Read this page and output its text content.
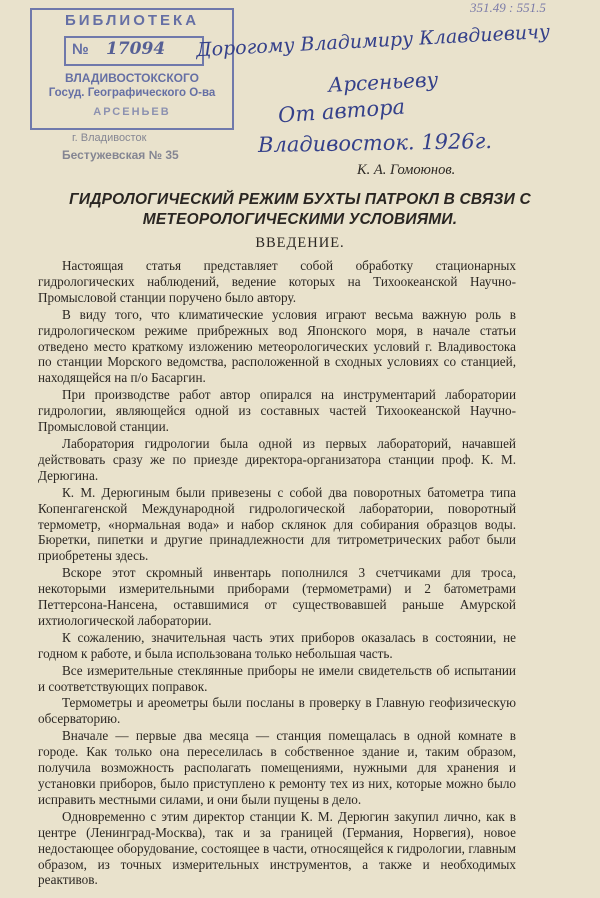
351.49 : 551.5
БИБЛИОТЕКА
№ 17094
ВЛАДИВОСТОКСКОГО
Госуд. Географического О-ва
АРСЕНЬЕВ
г. Владивосток
Бестужевская № 35
Дорогому Владимиру Клавдиевичу
Арсеньеву
От автора
Владивосток. 1926г.
К. А. Гомоюнов.
ГИДРОЛОГИЧЕСКИЙ РЕЖИМ БУХТЫ ПАТРОКЛ В СВЯЗИ С МЕТЕОРОЛОГИЧЕСКИМИ УСЛОВИЯМИ.
ВВЕДЕНИЕ.

Настоящая статья представляет собой обработку стационарных гидрологических наблюдений, ведение которых на Тихоокеанской Научно-Промысловой станции поручено было автору.

В виду того, что климатические условия играют весьма важную роль в гидрологическом режиме прибрежных вод Японского моря, в начале статьи отведено место краткому изложению метеорологических условий г. Владивостока по станции Морского ведомства, расположенной в сходных условиях со станцией, находящейся на п/о Басаргин.

При производстве работ автор опирался на инструментарий лаборатории гидрологии, являющейся одной из составных частей Тихоокеанской Научно-Промысловой станции.

Лаборатория гидрологии была одной из первых лабораторий, начавшей действовать сразу же по приезде директора-организатора станции проф. К. М. Дерюгина.

К. М. Дерюгиным были привезены с собой два поворотных батометра типа Копенгагенской Международной гидрологической лаборатории, поворотный термометр, «нормальная вода» и набор склянок для собирания образцов воды. Бюретки, пипетки и другие принадлежности для титрометрических работ были приобретены здесь.

Вскоре этот скромный инвентарь пополнился 3 счетчиками для троса, некоторыми измерительными приборами (термометрами) и 2 батометрами Петтерсона-Нансена, оставшимися от существовавшей раньше Амурской ихтиологической лаборатории.

К сожалению, значительная часть этих приборов оказалась в состоянии, не годном к работе, и была использована только небольшая часть.

Все измерительные стеклянные приборы не имели свидетельств об испытании и соответствующих поправок.

Термометры и ареометры были посланы в проверку в Главную геофизическую обсерваторию.

Вначале — первые два месяца — станция помещалась в одной комнате в городе. Как только она переселилась в собственное здание и, таким образом, получила возможность располагать помещениями, нужными для хранения и установки приборов, было приступлено к ремонту тех из них, которые можно было исправить местными силами, и они были пущены в дело.

Одновременно с этим директор станции К. М. Дерюгин закупил лично, как в центре (Ленинград-Москва), так и за границей (Германия, Норвегия), новое недостающее оборудование, состоящее в части, относящейся к гидрологии, главным образом, из точных измерительных инструментов, а также и необходимых реактивов.
